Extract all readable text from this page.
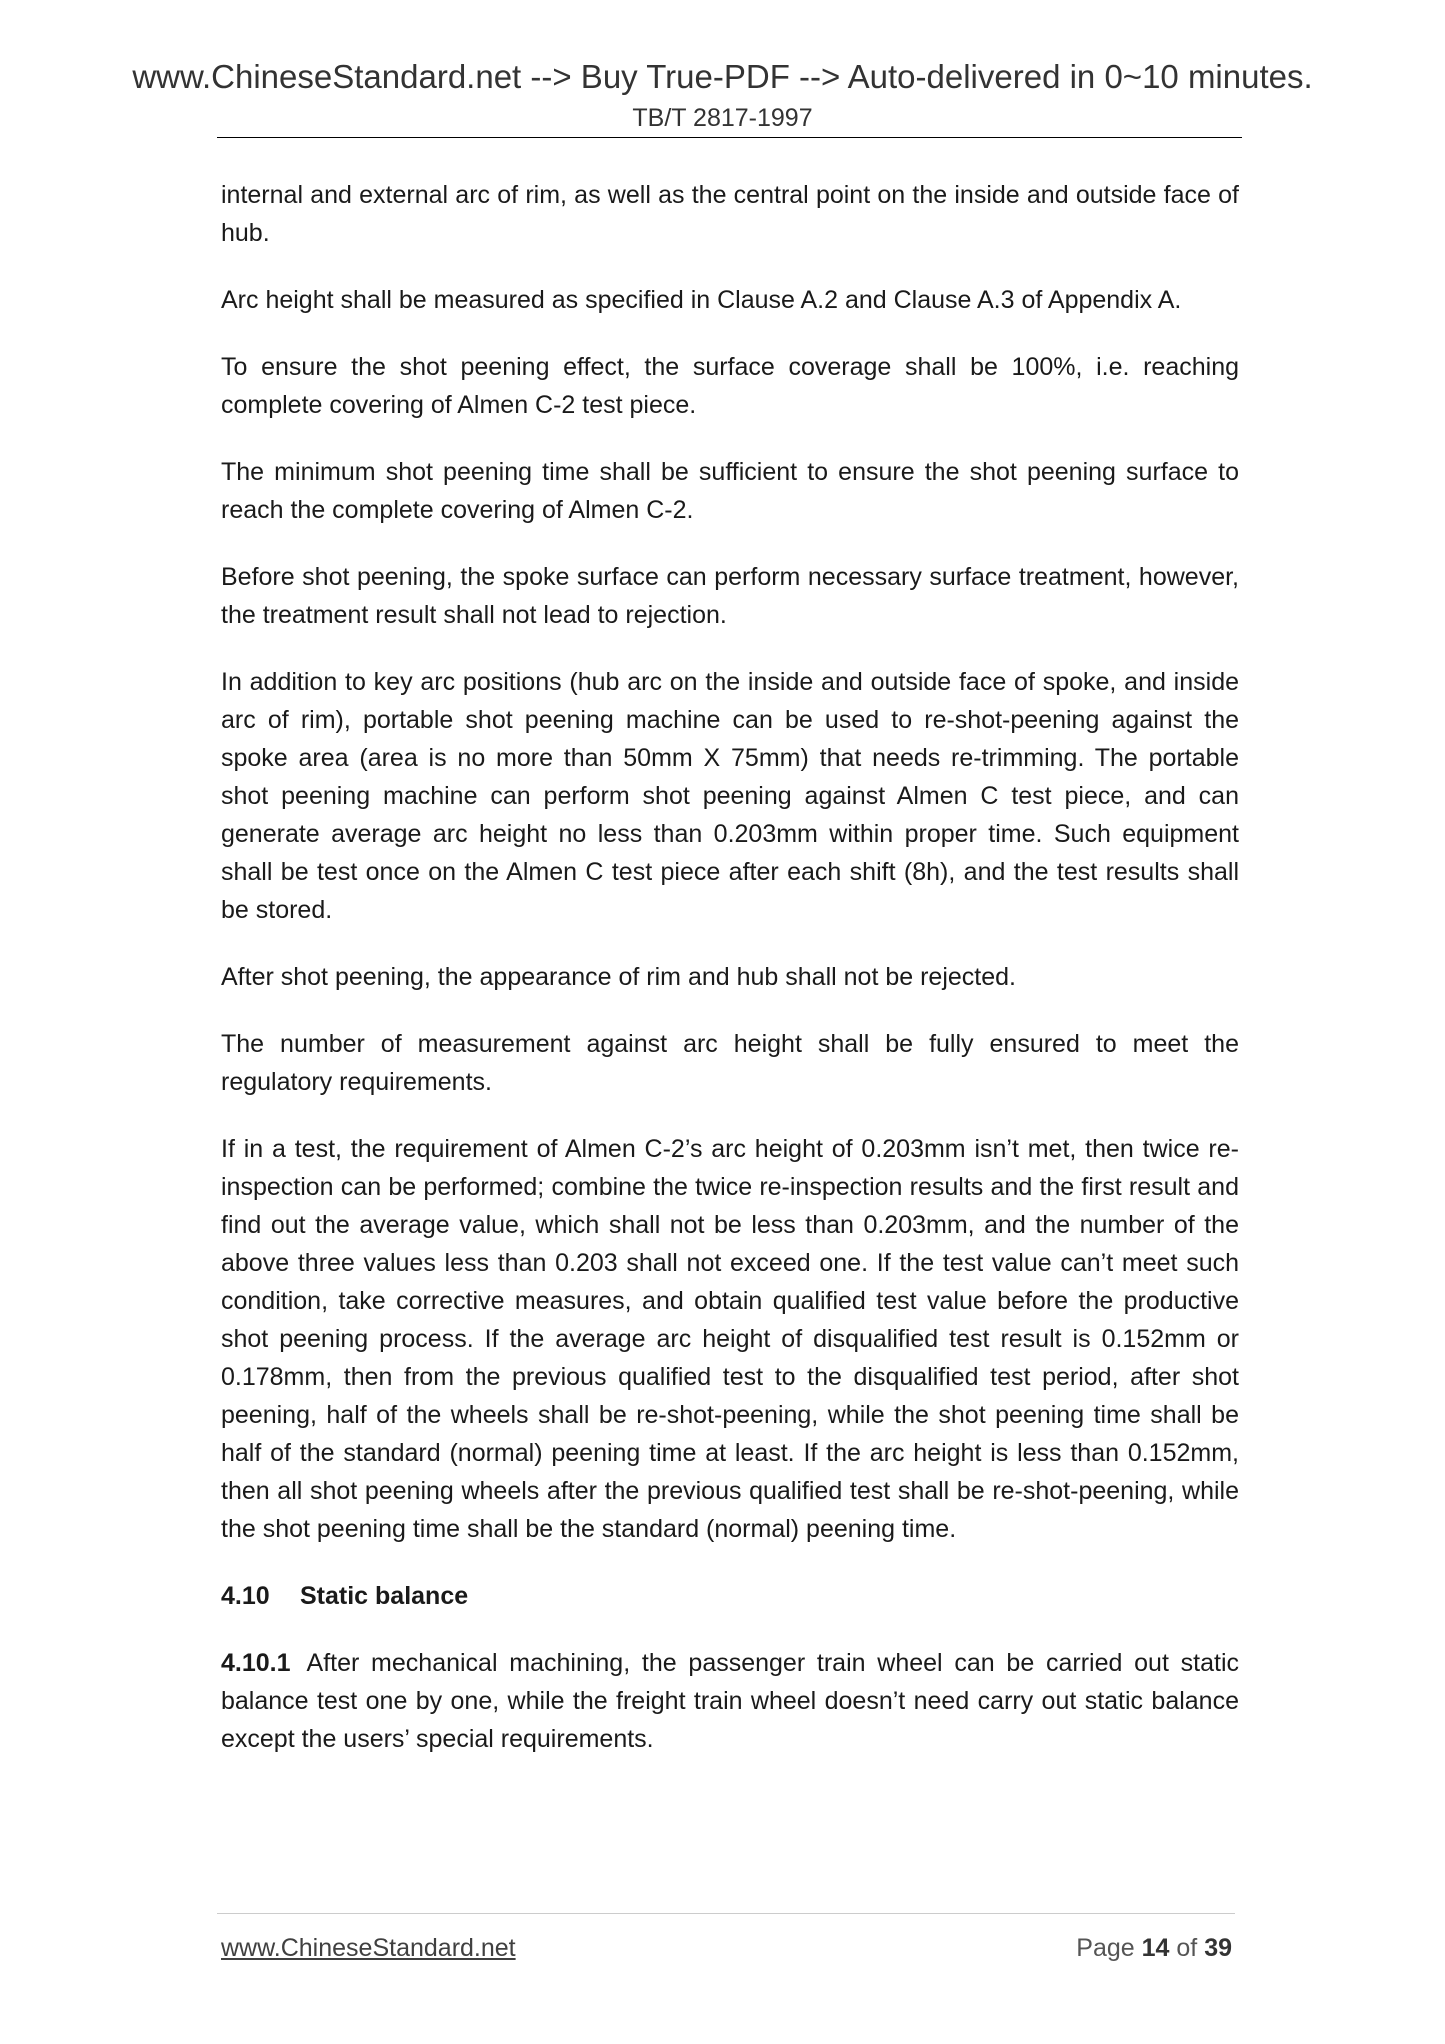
www.ChineseStandard.net --> Buy True-PDF --> Auto-delivered in 0~10 minutes.
TB/T 2817-1997

internal and external arc of rim, as well as the central point on the inside and outside face of hub.

Arc height shall be measured as specified in Clause A.2 and Clause A.3 of Appendix A.

To ensure the shot peening effect, the surface coverage shall be 100%, i.e. reaching complete covering of Almen C-2 test piece.

The minimum shot peening time shall be sufficient to ensure the shot peening surface to reach the complete covering of Almen C-2.

Before shot peening, the spoke surface can perform necessary surface treatment, however, the treatment result shall not lead to rejection.

In addition to key arc positions (hub arc on the inside and outside face of spoke, and inside arc of rim), portable shot peening machine can be used to re-shot-peening against the spoke area (area is no more than 50mm X 75mm) that needs re-trimming. The portable shot peening machine can perform shot peening against Almen C test piece, and can generate average arc height no less than 0.203mm within proper time. Such equipment shall be test once on the Almen C test piece after each shift (8h), and the test results shall be stored.

After shot peening, the appearance of rim and hub shall not be rejected.

The number of measurement against arc height shall be fully ensured to meet the regulatory requirements.

If in a test, the requirement of Almen C-2’s arc height of 0.203mm isn’t met, then twice re-inspection can be performed; combine the twice re-inspection results and the first result and find out the average value, which shall not be less than 0.203mm, and the number of the above three values less than 0.203 shall not exceed one. If the test value can’t meet such condition, take corrective measures, and obtain qualified test value before the productive shot peening process. If the average arc height of disqualified test result is 0.152mm or 0.178mm, then from the previous qualified test to the disqualified test period, after shot peening, half of the wheels shall be re-shot-peening, while the shot peening time shall be half of the standard (normal) peening time at least. If the arc height is less than 0.152mm, then all shot peening wheels after the previous qualified test shall be re-shot-peening, while the shot peening time shall be the standard (normal) peening time.

4.10 Static balance

4.10.1 After mechanical machining, the passenger train wheel can be carried out static balance test one by one, while the freight train wheel doesn’t need carry out static balance except the users’ special requirements.

www.ChineseStandard.net	Page 14 of 39
